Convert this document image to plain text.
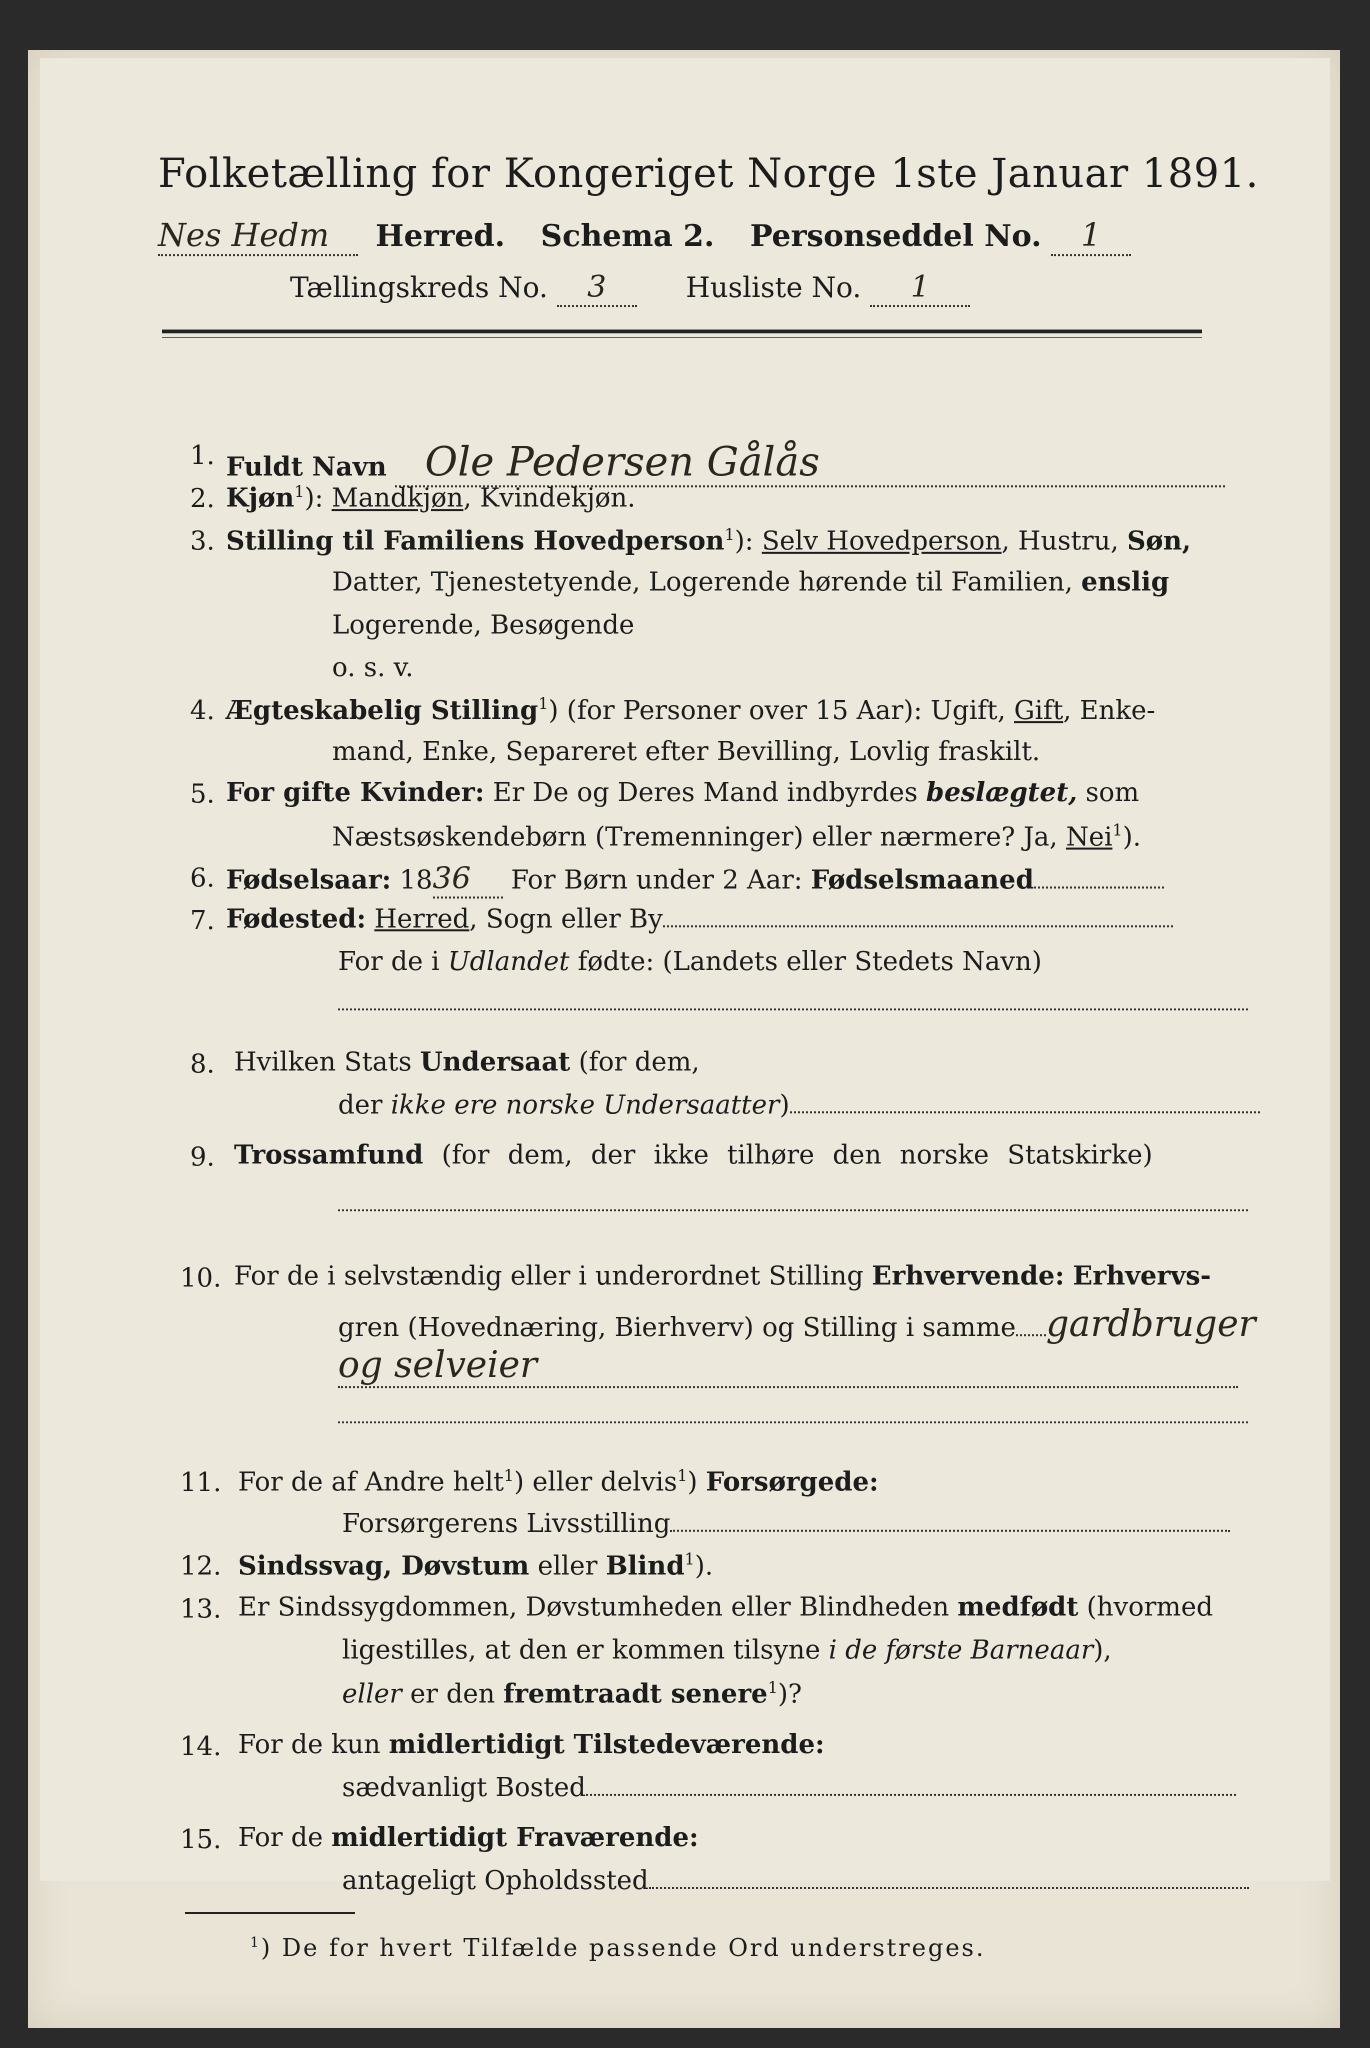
Folketælling for Kongeriget Norge 1ste Januar 1891.
Nes Hedm Herred. Schema 2. Personseddel No. 1
Tællingskreds No. 3	Husliste No. 1
1. Fuldt Navn Ole Pedersen Gålås
2. Kjøn$^1$): Mandkjøn, Kvindekjøn.
3. Stilling til Familiens Hovedperson$^1$): Selv Hovedperson, Hustru, Søn,
Datter, Tjenestetyende, Logerende hørende til Familien, enslig
Logerende, Besøgende
o. s. v.
4. Ægteskabelig Stilling$^1$) (for Personer over 15 Aar): Ugift, Gift, Enke-
mand, Enke, Separeret efter Bevilling, Lovlig fraskilt.
5. For gifte Kvinder: Er De og Deres Mand indbyrdes beslægtet, som
Næstsøskendebørn (Tremenninger) eller nærmere? Ja, Nei$^1$).
6. Fødselsaar: 1836 For Børn under 2 Aar: Fødselsmaaned
7. Fødested: Herred, Sogn eller By
For de i Udlandet fødte: (Landets eller Stedets Navn)
8. Hvilken Stats Undersaat (for dem,
der ikke ere norske Undersaatter)
9. Trossamfund (for dem, der ikke tilhøre den norske Statskirke)
10. For de i selvstændig eller i underordnet Stilling Erhvervende: Erhvervs-
gren (Hovednæring, Bierhverv) og Stilling i samme gardbruger
og selveier
11. For de af Andre helt$^1$) eller delvis$^1$) Forsørgede:
Forsørgerens Livsstilling
12. Sindssvag, Døvstum eller Blind$^1$).
13. Er Sindssygdommen, Døvstumheden eller Blindheden medfødt (hvormed
ligestilles, at den er kommen tilsyne i de første Barneaar),
eller er den fremtraadt senere$^1$)?
14. For de kun midlertidigt Tilstedeværende:
sædvanligt Bosted
15. For de midlertidigt Fraværende:
antageligt Opholdssted
$^1$) De for hvert Tilfælde passende Ord understreges.
